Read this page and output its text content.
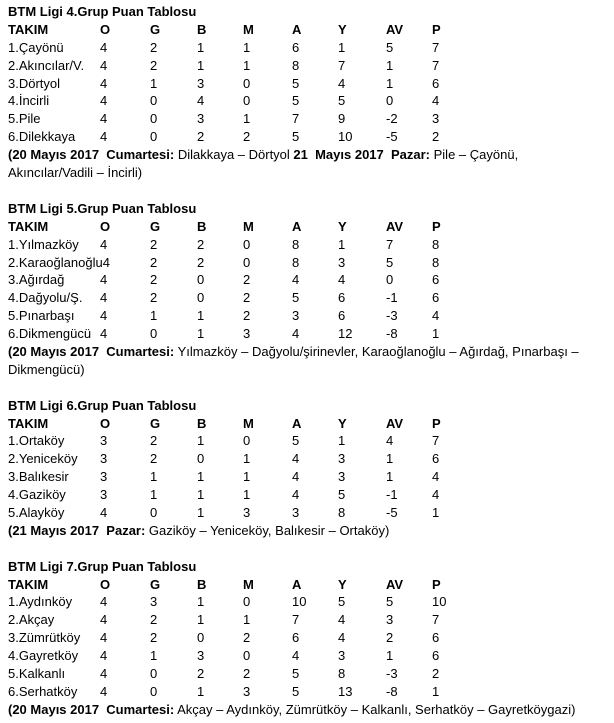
BTM Ligi 4.Grup Puan Tablosu
TAKIM	O	G	B	M	A	Y	AV P
1.Çayönü	4	2	1	1	6	1	5	7
2.Akıncılar/V. 4	2	1	1	8	7	1	7
3.Dörtyol	4	1	3	0	5	4	1	6
4.İncirli	4	0	4	0	5	5	0	4
5.Pile	4	0	3	1	7	9	-2	3
6.Dilekkaya 4	0	2	2	5	10	-5	2
(20 Mayıs 2017  Cumartesi: Dilakkaya – Dörtyol 21  Mayıs 2017  Pazar: Pile – Çayönü, Akıncılar/Vadili – İncirli)
BTM Ligi 5.Grup Puan Tablosu
TAKIM	O	G	B	M	A	Y	AV P
1.Yılmazköy 4	2	2	0	8	1	7	8
2.Karaoğlanoğlu4	2	2	0	8	3	5	8
3.Ağırdağ	4	2	0	2	4	4	0	6
4.Dağyolu/Ş. 4	2	0	2	5	6	-1	6
5.Pınarbaşı 4	1	1	2	3	6	-3	4
6.Dikmengücü 4	0	1	3	4	12	-8	1
(20 Mayıs 2017  Cumartesi: Yılmazköy – Dağyolu/şirinevler, Karaoğlanoğlu – Ağırdağ, Pınarbaşı – Dikmengücü)
BTM Ligi 6.Grup Puan Tablosu
TAKIM	O	G	B	M	A	Y	AV P
1.Ortaköy	3	2	1	0	5	1	4	7
2.Yeniceköy 3	2	0	1	4	3	1	6
3.Balıkesir 3	1	1	1	4	3	1	4
4.Gaziköy	3	1	1	1	4	5	-1	4
5.Alayköy	4	0	1	3	3	8	-5	1
(21 Mayıs 2017  Pazar: Gaziköy – Yeniceköy, Balıkesir – Ortaköy)
BTM Ligi 7.Grup Puan Tablosu
TAKIM	O	G	B	M	A	Y	AV P
1.Aydınköy 4	3	1	0	10 5	5	10
2.Akçay	4	2	1	1	7	4	3	7
3.Zümrütköy 4	2	0	2	6	4	2	6
4.Gayretköy 4	1	3	0	4	3	1	6
5.Kalkanlı	4	0	2	2	5	8	-3	2
6.Serhatköy 4	0	1	3	5	13	-8	1
(20 Mayıs 2017  Cumartesi: Akçay – Aydınköy, Zümrütköy – Kalkanlı, Serhatköy – Gayretköygazi)
